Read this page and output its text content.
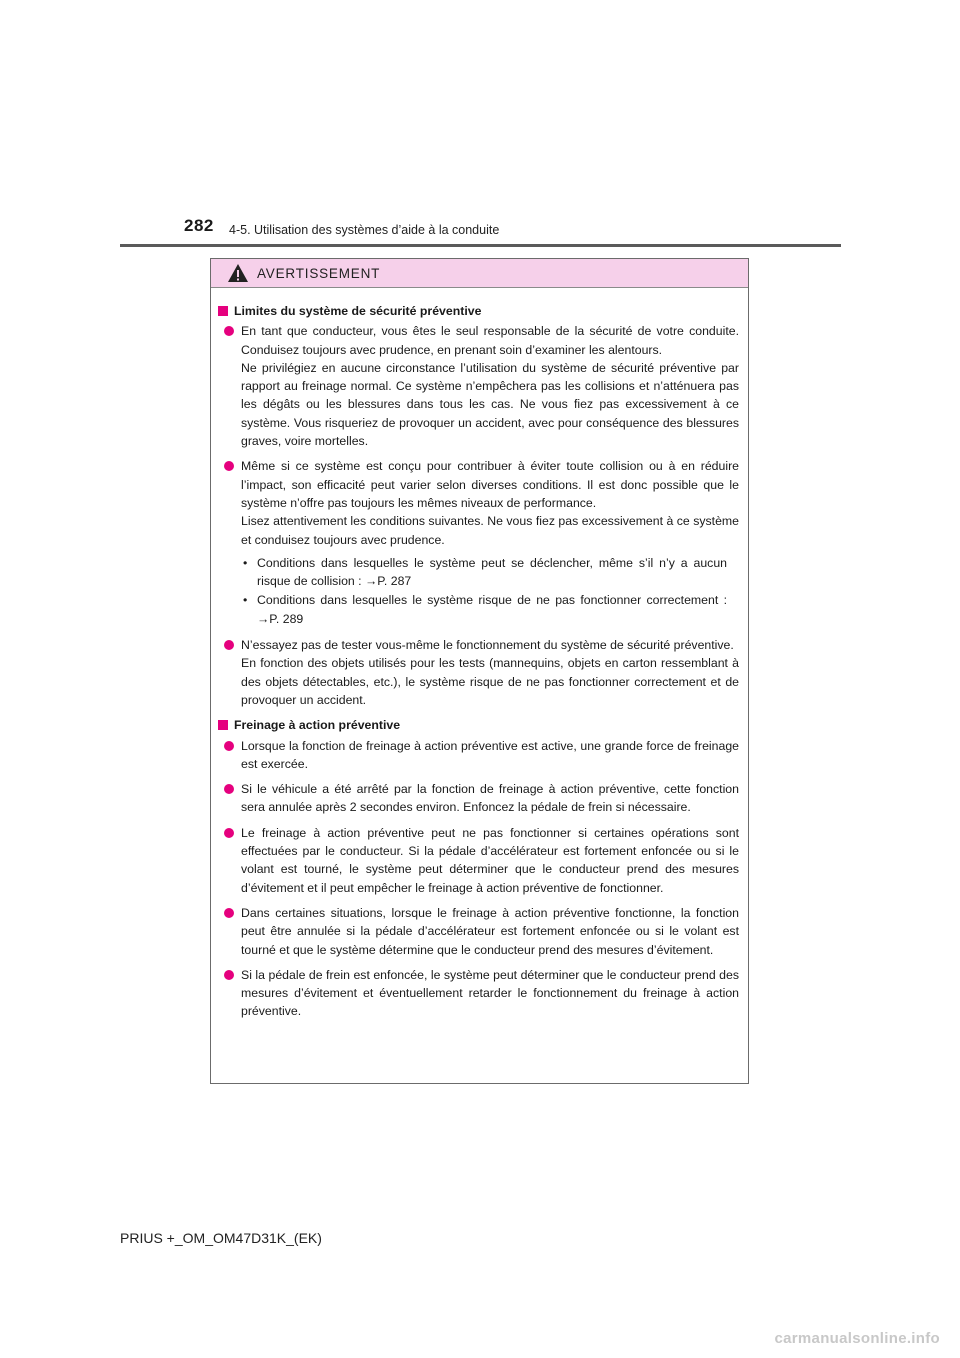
282 4-5. Utilisation des systèmes d’aide à la conduite
AVERTISSEMENT
Limites du système de sécurité préventive

En tant que conducteur, vous êtes le seul responsable de la sécurité de votre conduite. Conduisez toujours avec prudence, en prenant soin d’examiner les alentours.

Ne privilégiez en aucune circonstance l’utilisation du système de sécurité préventive par rapport au freinage normal. Ce système n’empêchera pas les collisions et n’atténuera pas les dégâts ou les blessures dans tous les cas. Ne vous fiez pas excessivement à ce système. Vous risqueriez de provoquer un accident, avec pour conséquence des blessures graves, voire mortelles.

Même si ce système est conçu pour contribuer à éviter toute collision ou à en réduire l’impact, son efficacité peut varier selon diverses conditions. Il est donc possible que le système n’offre pas toujours les mêmes niveaux de performance.

Lisez attentivement les conditions suivantes. Ne vous fiez pas excessivement à ce système et conduisez toujours avec prudence.

• Conditions dans lesquelles le système peut se déclencher, même s’il n’y a aucun risque de collision : →P. 287
• Conditions dans lesquelles le système risque de ne pas fonctionner correctement : →P. 289

N’essayez pas de tester vous-même le fonctionnement du système de sécurité préventive.

En fonction des objets utilisés pour les tests (mannequins, objets en carton ressemblant à des objets détectables, etc.), le système risque de ne pas fonctionner correctement et de provoquer un accident.

Freinage à action préventive

Lorsque la fonction de freinage à action préventive est active, une grande force de freinage est exercée.

Si le véhicule a été arrêté par la fonction de freinage à action préventive, cette fonction sera annulée après 2 secondes environ. Enfoncez la pédale de frein si nécessaire.

Le freinage à action préventive peut ne pas fonctionner si certaines opérations sont effectuées par le conducteur. Si la pédale d’accélérateur est fortement enfoncée ou si le volant est tourné, le système peut déterminer que le conducteur prend des mesures d’évitement et il peut empêcher le freinage à action préventive de fonctionner.

Dans certaines situations, lorsque le freinage à action préventive fonctionne, la fonction peut être annulée si la pédale d’accélérateur est fortement enfoncée ou si le volant est tourné et que le système détermine que le conducteur prend des mesures d’évitement.

Si la pédale de frein est enfoncée, le système peut déterminer que le conducteur prend des mesures d’évitement et éventuellement retarder le fonctionnement du freinage à action préventive.

PRIUS +_OM_OM47D31K_(EK)
carmanualsonline.info
